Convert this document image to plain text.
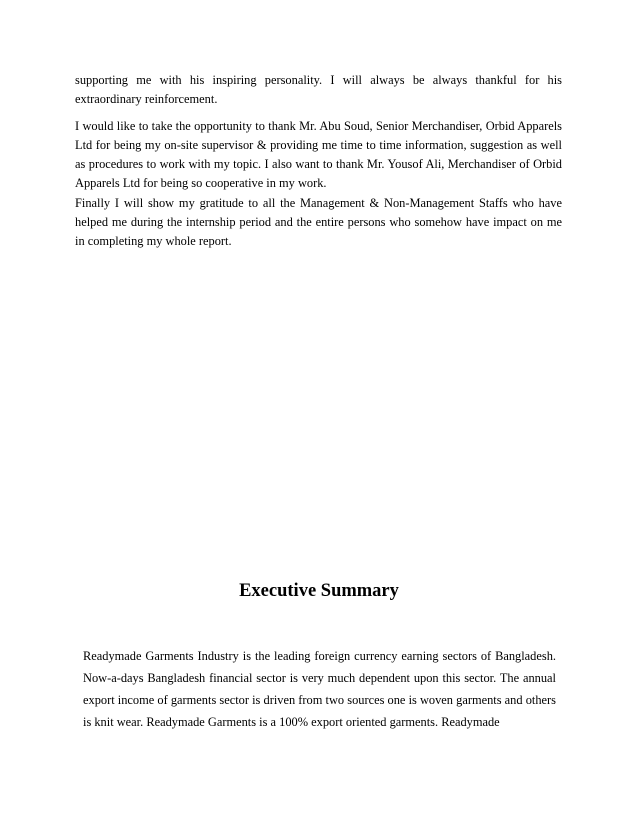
supporting me with his inspiring personality. I will always be always thankful for his extraordinary reinforcement.

I would like to take the opportunity to thank Mr. Abu Soud, Senior Merchandiser, Orbid Apparels Ltd for being my on-site supervisor & providing me time to time information, suggestion as well as procedures to work with my topic. I also want to thank Mr. Yousof Ali, Merchandiser of Orbid Apparels Ltd for being so cooperative in my work.

Finally I will show my gratitude to all the Management & Non-Management Staffs who have helped me during the internship period and the entire persons who somehow have impact on me in completing my whole report.

Executive Summary

Readymade Garments Industry is the leading foreign currency earning sectors of Bangladesh. Now-a-days Bangladesh financial sector is very much dependent upon this sector. The annual export income of garments sector is driven from two sources one is woven garments and others is knit wear. Readymade Garments is a 100% export oriented garments. Readymade
